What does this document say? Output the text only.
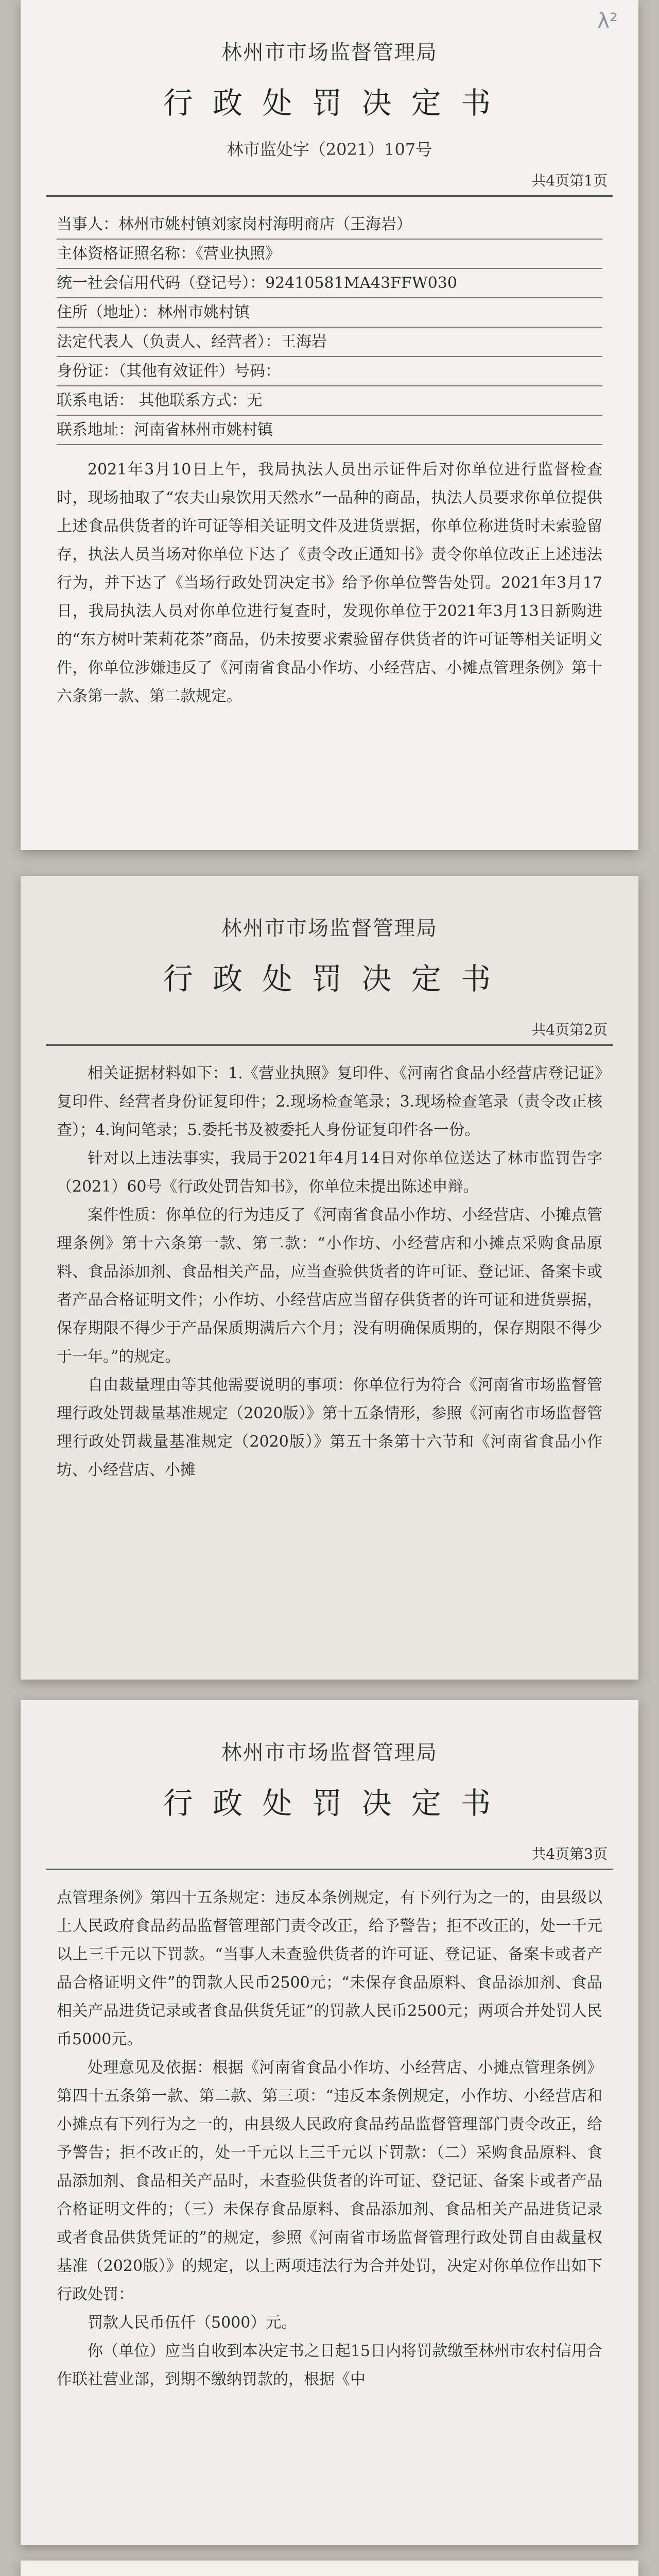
λ²
林州市市场监督管理局
行 政 处 罚 决 定 书
林市监处字（2021）107号
共4页第1页
当事人：林州市姚村镇刘家岗村海明商店（王海岩）
主体资格证照名称：《营业执照》
统一社会信用代码（登记号）：92410581MA43FFW030
住所（地址）：林州市姚村镇
法定代表人（负责人、经营者）：王海岩
身份证：（其他有效证件）号码：
联系电话： 其他联系方式：无
联系地址：河南省林州市姚村镇

2021年3月10日上午，我局执法人员出示证件后对你单位进行监督检查时，现场抽取了“农夫山泉饮用天然水”一品种的商品，执法人员要求你单位提供上述食品供货者的许可证等相关证明文件及进货票据，你单位称进货时未索验留存，执法人员当场对你单位下达了《责令改正通知书》责令你单位改正上述违法行为，并下达了《当场行政处罚决定书》给予你单位警告处罚。2021年3月17日，我局执法人员对你单位进行复查时，发现你单位于2021年3月13日新购进的“东方树叶茉莉花茶”商品，仍未按要求索验留存供货者的许可证等相关证明文件，你单位涉嫌违反了《河南省食品小作坊、小经营店、小摊点管理条例》第十六条第一款、第二款规定。

林州市市场监督管理局
行 政 处 罚 决 定 书
共4页第2页

相关证据材料如下：1.《营业执照》复印件、《河南省食品小经营店登记证》复印件、经营者身份证复印件；2.现场检查笔录；3.现场检查笔录（责令改正核查）；4.询问笔录；5.委托书及被委托人身份证复印件各一份。

针对以上违法事实，我局于2021年4月14日对你单位送达了林市监罚告字（2021）60号《行政处罚告知书》，你单位未提出陈述申辩。

案件性质：你单位的行为违反了《河南省食品小作坊、小经营店、小摊点管理条例》第十六条第一款、第二款：“小作坊、小经营店和小摊点采购食品原料、食品添加剂、食品相关产品，应当查验供货者的许可证、登记证、备案卡或者产品合格证明文件；小作坊、小经营店应当留存供货者的许可证和进货票据，保存期限不得少于产品保质期满后六个月；没有明确保质期的，保存期限不得少于一年。”的规定。

自由裁量理由等其他需要说明的事项：你单位行为符合《河南省市场监督管理行政处罚裁量基准规定（2020版）》第十五条情形，参照《河南省市场监督管理行政处罚裁量基准规定（2020版）》第五十条第十六节和《河南省食品小作坊、小经营店、小摊

林州市市场监督管理局
行 政 处 罚 决 定 书
共4页第3页

点管理条例》第四十五条规定：违反本条例规定，有下列行为之一的，由县级以上人民政府食品药品监督管理部门责令改正，给予警告；拒不改正的，处一千元以上三千元以下罚款。“当事人未查验供货者的许可证、登记证、备案卡或者产品合格证明文件”的罚款人民币2500元；“未保存食品原料、食品添加剂、食品相关产品进货记录或者食品供货凭证”的罚款人民币2500元；两项合并处罚人民币5000元。

处理意见及依据：根据《河南省食品小作坊、小经营店、小摊点管理条例》第四十五条第一款、第二款、第三项：“违反本条例规定，小作坊、小经营店和小摊点有下列行为之一的，由县级人民政府食品药品监督管理部门责令改正，给予警告；拒不改正的，处一千元以上三千元以下罚款：（二）采购食品原料、食品添加剂、食品相关产品时，未查验供货者的许可证、登记证、备案卡或者产品合格证明文件的；（三）未保存食品原料、食品添加剂、食品相关产品进货记录或者食品供货凭证的”的规定，参照《河南省市场监督管理行政处罚自由裁量权基准（2020版）》的规定，以上两项违法行为合并处罚，决定对你单位作出如下行政处罚：

罚款人民币伍仟（5000）元。

你（单位）应当自收到本决定书之日起15日内将罚款缴至林州市农村信用合作联社营业部，到期不缴纳罚款的，根据《中
